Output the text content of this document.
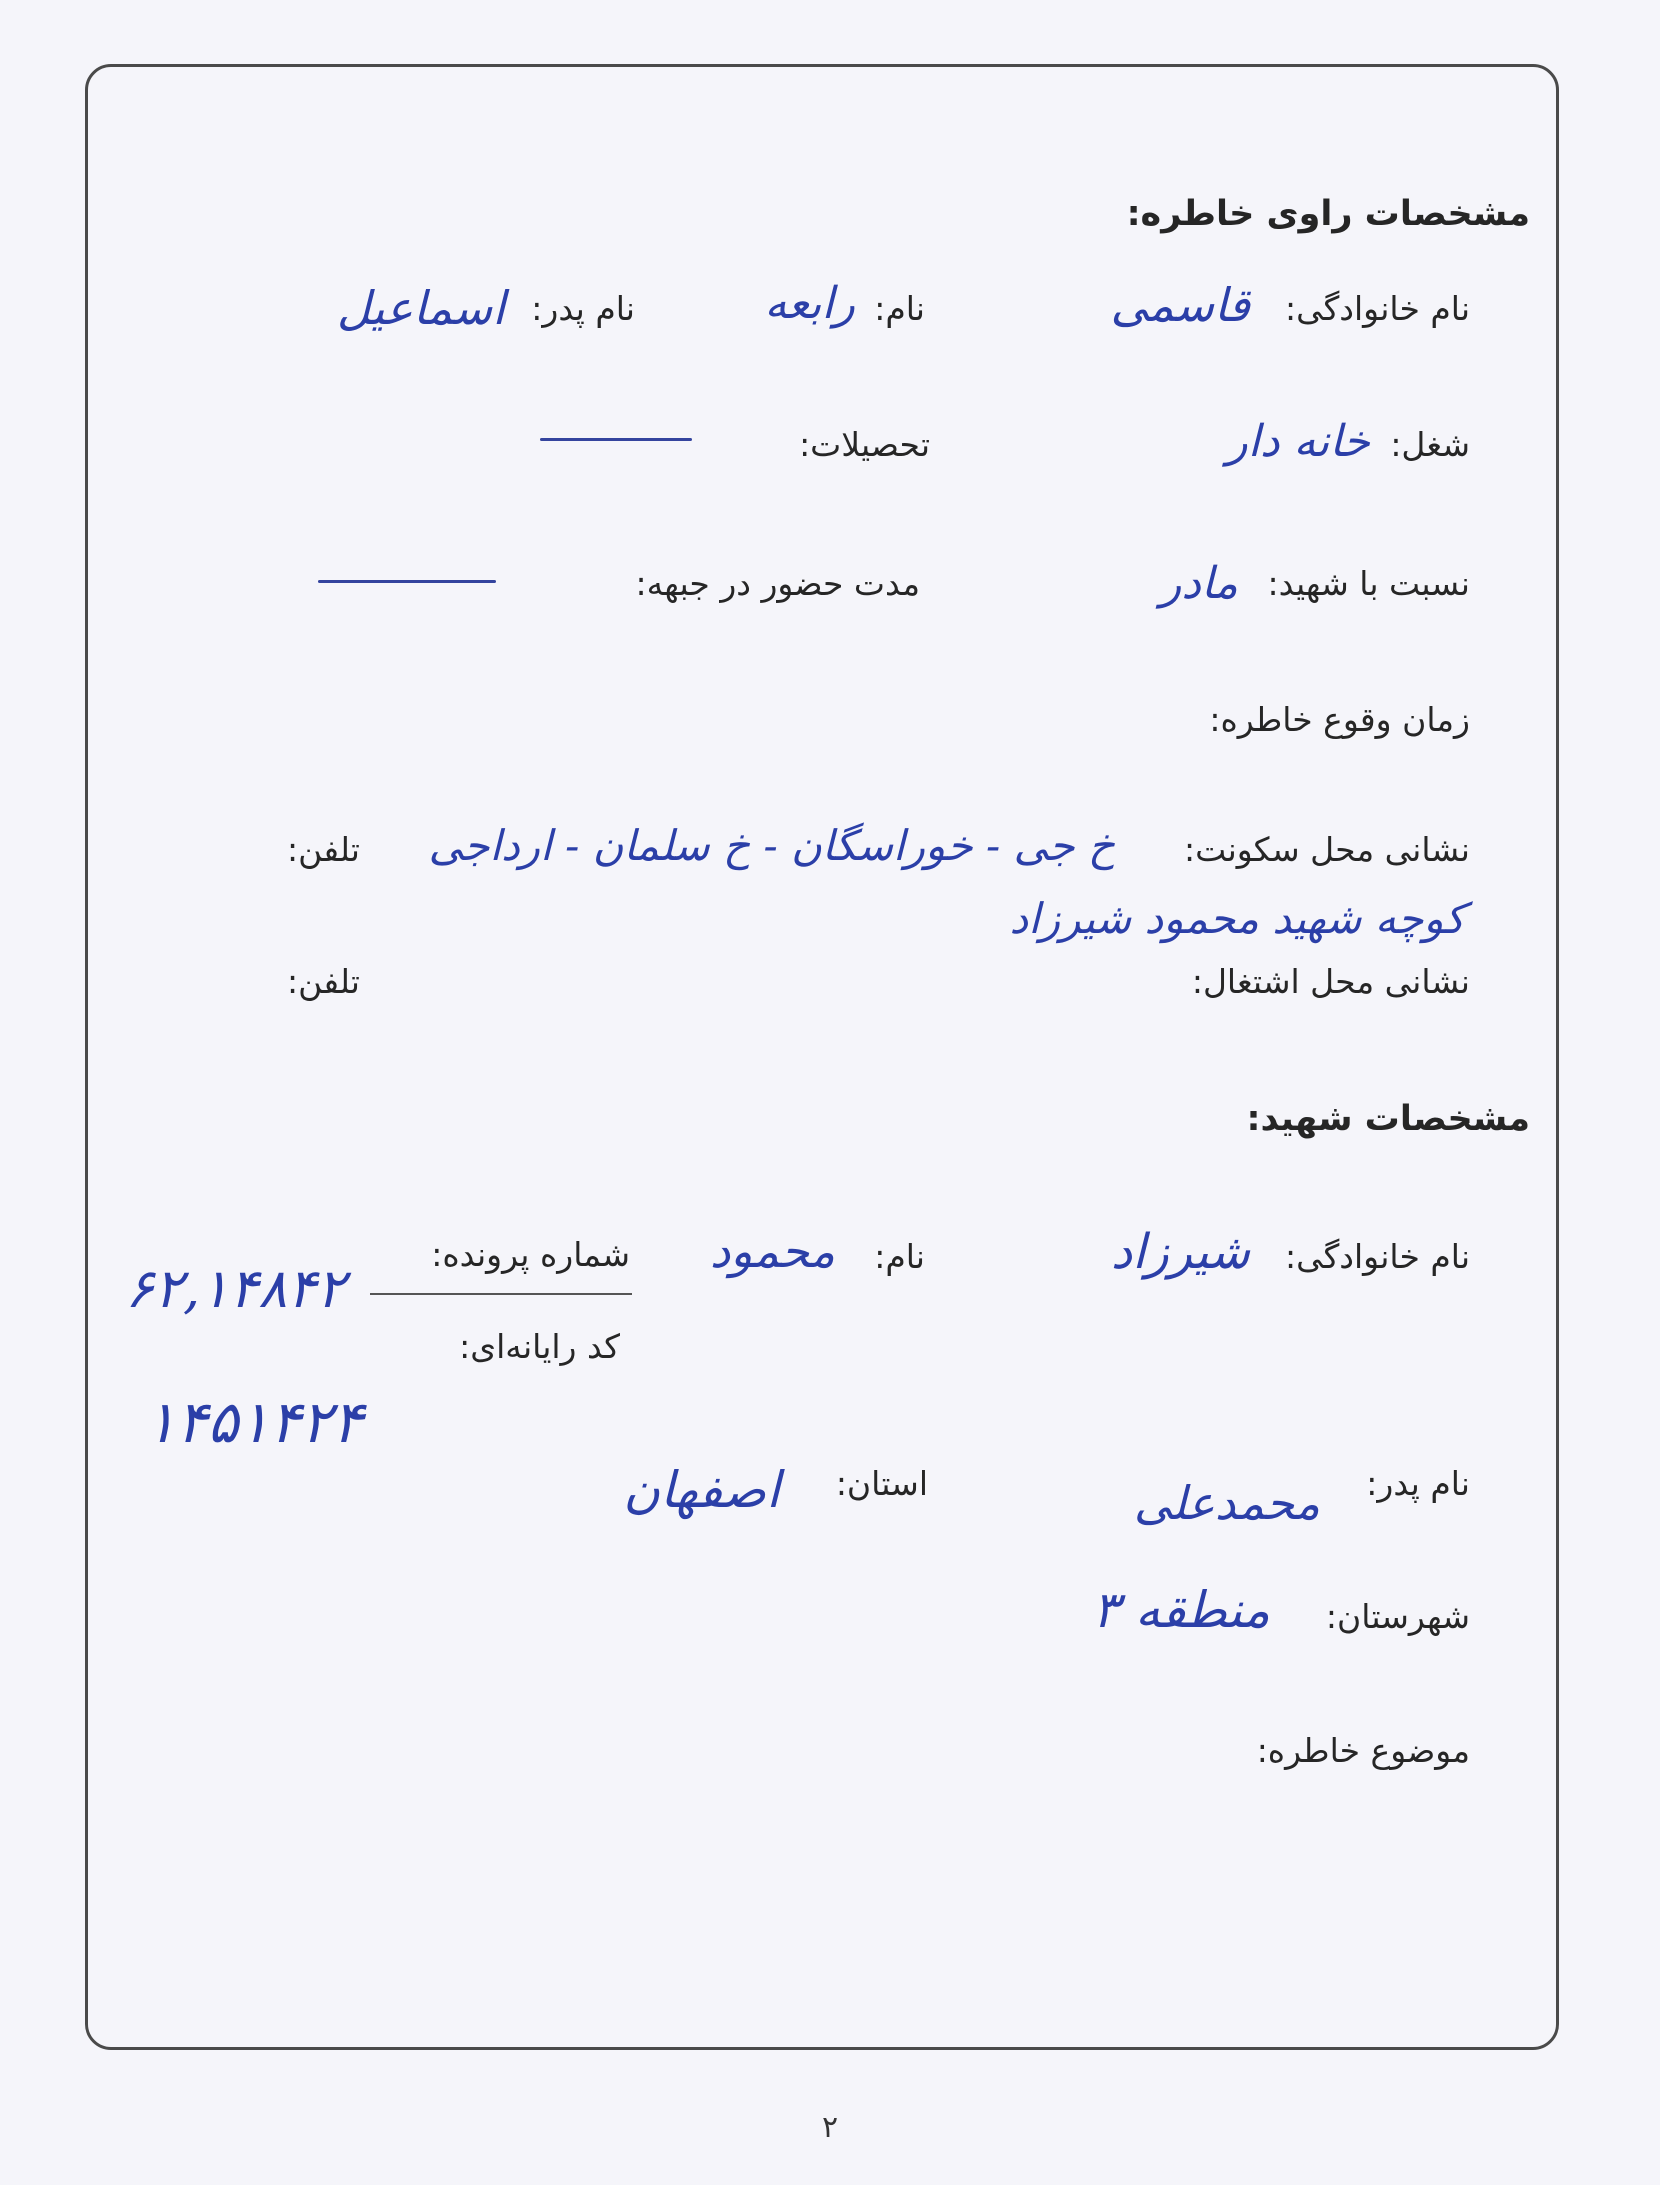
مشخصات راوی خاطره:
نام خانوادگی:
قاسمی
نام:
رابعه
نام پدر:
اسماعیل
شغل:
خانه دار
تحصیلات:
نسبت با شهید:
مادر
مدت حضور در جبهه:
زمان وقوع خاطره:
نشانی محل سکونت:
خ جی - خوراسگان - خ سلمان - ارداجی
تلفن:
کوچه شهید محمود شیرزاد
نشانی محل اشتغال:
تلفن:
مشخصات شهید:
نام خانوادگی:
شیرزاد
نام:
محمود
شماره پرونده:
۶۲,۱۴۸۴۲
کد رایانه‌ای:
۱۴۵۱۴۲۴
نام پدر:
محمدعلی
استان:
اصفهان
شهرستان:
منطقه ۳
موضوع خاطره:
۲
